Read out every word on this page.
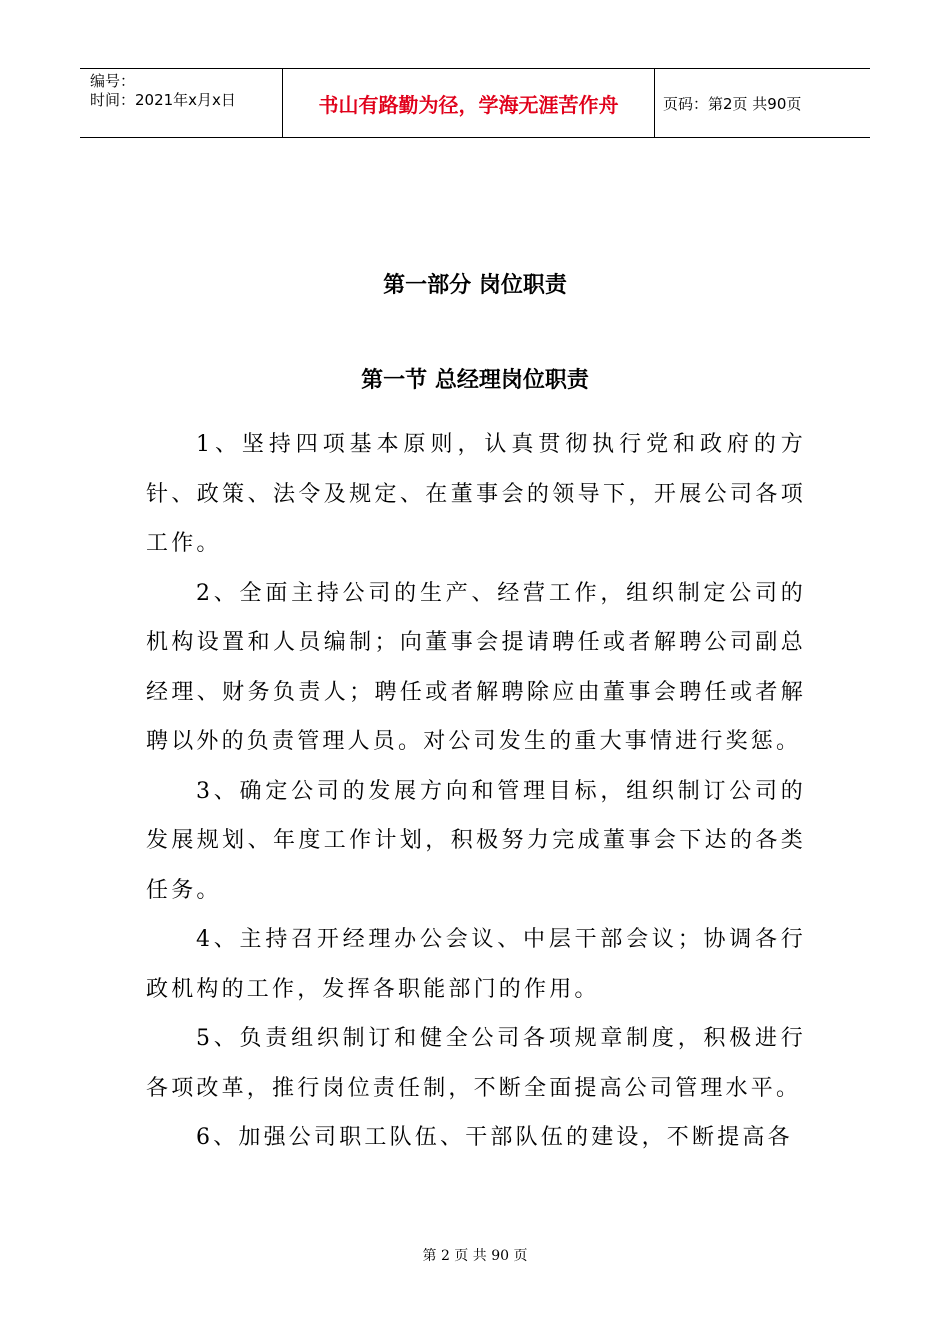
编号：
时间：2021年x月x日	书山有路勤为径，学海无涯苦作舟	页码：第2页 共90页
第一部分 岗位职责
第一节 总经理岗位职责

1、坚持四项基本原则，认真贯彻执行党和政府的方针、政策、法令及规定、在董事会的领导下，开展公司各项工作。

2、全面主持公司的生产、经营工作，组织制定公司的机构设置和人员编制；向董事会提请聘任或者解聘公司副总经理、财务负责人；聘任或者解聘除应由董事会聘任或者解聘以外的负责管理人员。对公司发生的重大事情进行奖惩。

3、确定公司的发展方向和管理目标，组织制订公司的发展规划、年度工作计划，积极努力完成董事会下达的各类任务。

4、主持召开经理办公会议、中层干部会议；协调各行政机构的工作，发挥各职能部门的作用。

5、负责组织制订和健全公司各项规章制度，积极进行各项改革，推行岗位责任制，不断全面提高公司管理水平。

6、加强公司职工队伍、干部队伍的建设，不断提高各

第 2 页 共 90 页
